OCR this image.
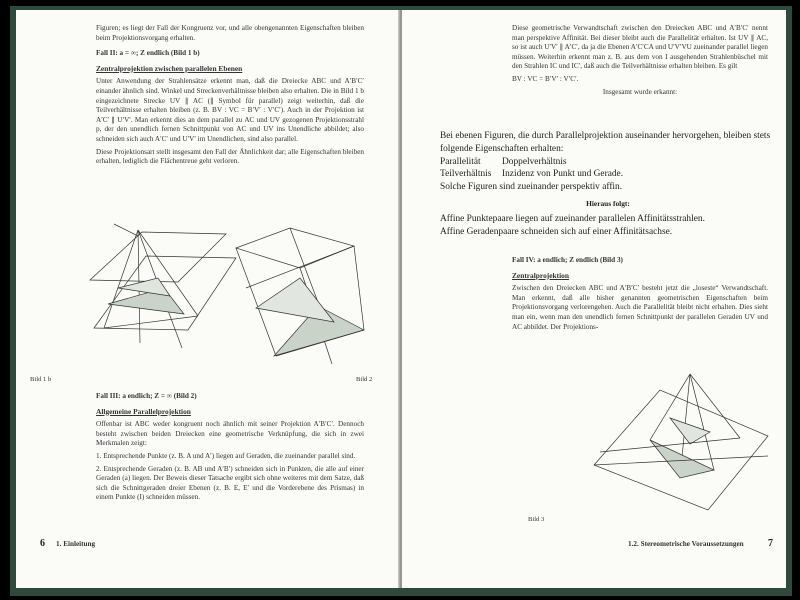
Figuren; es liegt der Fall der Kongruenz vor, und alle obengenannten Eigenschaften bleiben beim Projektionsvorgang erhalten.

Fall II: a = ∞; Z endlich (Bild 1 b)

Zentralprojektion zwischen parallelen Ebenen

Unter Anwendung der Strahlensätze erkennt man, daß die Dreiecke ABC und A′B′C′ einander ähnlich sind. Winkel und Streckenverhältnisse bleiben also erhalten. Die in Bild 1 b eingezeichnete Strecke UV ∥ AC (∥ Symbol für parallel) zeigt weiterhin, daß die Teilverhältnisse erhalten bleiben (z. B. BV : VC = B′V′ : V′C′). Auch in der Projektion ist A′C′ ∥ U′V′. Man erkennt dies an dem parallel zu AC und UV gezogenen Projektionsstrahl p, der den unendlich fernen Schnittpunkt von AC und UV ins Unendliche abbildet; also schneiden sich auch A′C′ und U′V′ im Unendlichen, sind also parallel.

Diese Projektionsart stellt insgesamt den Fall der Ähnlichkeit dar; alle Eigenschaften bleiben erhalten, lediglich die Flächentreue geht verloren.

Bild 1 b	Bild 2

Fall III: a endlich; Z = ∞ (Bild 2)

Allgemeine Parallelprojektion

Offenbar ist ABC weder kongruent noch ähnlich mit seiner Projektion A′B′C′. Dennoch besteht zwischen beiden Dreiecken eine geometrische Verknüpfung, die sich in zwei Merkmalen zeigt:

1. Entsprechende Punkte (z. B. A und A′) liegen auf Geraden, die zueinander parallel sind.

2. Entsprechende Geraden (z. B. AB und A′B′) schneiden sich in Punkten, die alle auf einer Geraden (a) liegen. Der Beweis dieser Tatsache ergibt sich ohne weiteres mit dem Satze, daß sich die Schnittgeraden dreier Ebenen (z. B. E, E′ und die Vorderebene des Prismas) in einem Punkte (I) schneiden müssen.

6 1. Einleitung

Diese geometrische Verwandtschaft zwischen den Dreiecken ABC und A′B′C′ nennt man perspektive Affinität. Bei dieser bleibt auch die Parallelität erhalten. Ist UV ∥ AC, so ist auch U′V′ ∥ A′C′, da ja die Ebenen A′C′CA und U′V′VU zueinander parallel liegen müssen. Weiterhin erkennt man z. B. aus dem von I ausgehenden Strahlenbüschel mit den Strahlen IC und IC′, daß auch die Teilverhältnisse erhalten bleiben. Es gilt

BV : VC = B′V′ : V′C′.

Insgesamt wurde erkannt:

Bei ebenen Figuren, die durch Parallelprojektion auseinander hervorgehen, bleiben stets folgende Eigenschaften erhalten:

Parallelität	Doppelverhältnis
Teilverhältnis	Inzidenz von Punkt und Gerade.

Solche Figuren sind zueinander perspektiv affin.

Hieraus folgt:

Affine Punktepaare liegen auf zueinander parallelen Affinitätsstrahlen.

Affine Geradenpaare schneiden sich auf einer Affinitätsachse.

Fall IV: a endlich; Z endlich (Bild 3)

Zentralprojektion

Zwischen den Dreiecken ABC und A′B′C′ besteht jetzt die „loseste“ Verwandtschaft. Man erkennt, daß alle bisher genannten geometrischen Eigenschaften beim Projektionsvorgang verlorengehen. Auch die Parallelität bleibt nicht erhalten. Dies sieht man ein, wenn man den unendlich fernen Schnittpunkt der parallelen Geraden UV und AC abbildet. Der Projektions-

Bild 3
1.2. Stereometrische Voraussetzungen 7
